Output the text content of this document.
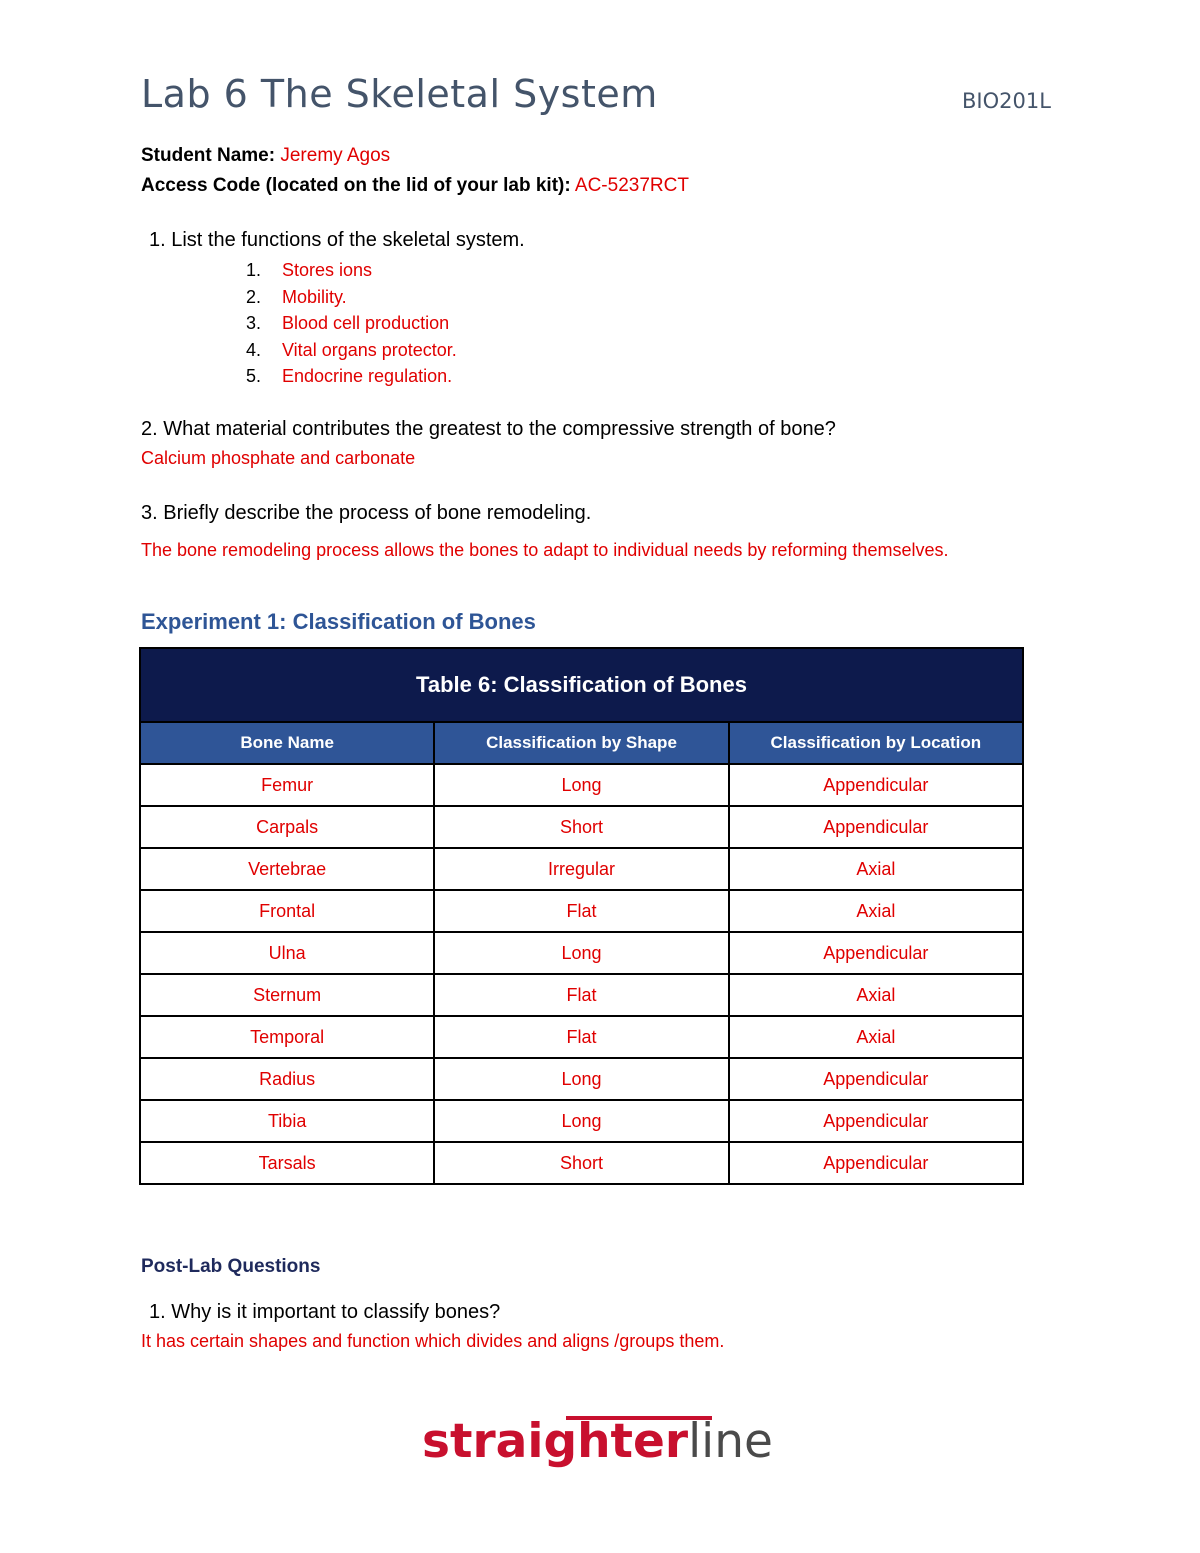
Lab 6 The Skeletal System	BIO201L
Student Name: Jeremy Agos
Access Code (located on the lid of your lab kit): AC-5237RCT
1. List the functions of the skeletal system.
1. Stores ions
2. Mobility.
3. Blood cell production
4. Vital organs protector.
5. Endocrine regulation.
2. What material contributes the greatest to the compressive strength of bone?
Calcium phosphate and carbonate
3. Briefly describe the process of bone remodeling.
The bone remodeling process allows the bones to adapt to individual needs by reforming themselves.
Experiment 1: Classification of Bones
Table 6: Classification of Bones		
Bone Name	Classification by Shape	Classification by Location
Femur	Long	Appendicular
Carpals	Short	Appendicular
Vertebrae	Irregular	Axial
Frontal	Flat	Axial
Ulna	Long	Appendicular
Sternum	Flat	Axial
Temporal	Flat	Axial
Radius	Long	Appendicular
Tibia	Long	Appendicular
Tarsals	Short	Appendicular
Post-Lab Questions
1. Why is it important to classify bones?
It has certain shapes and function which divides and aligns /groups them.
straighterline
